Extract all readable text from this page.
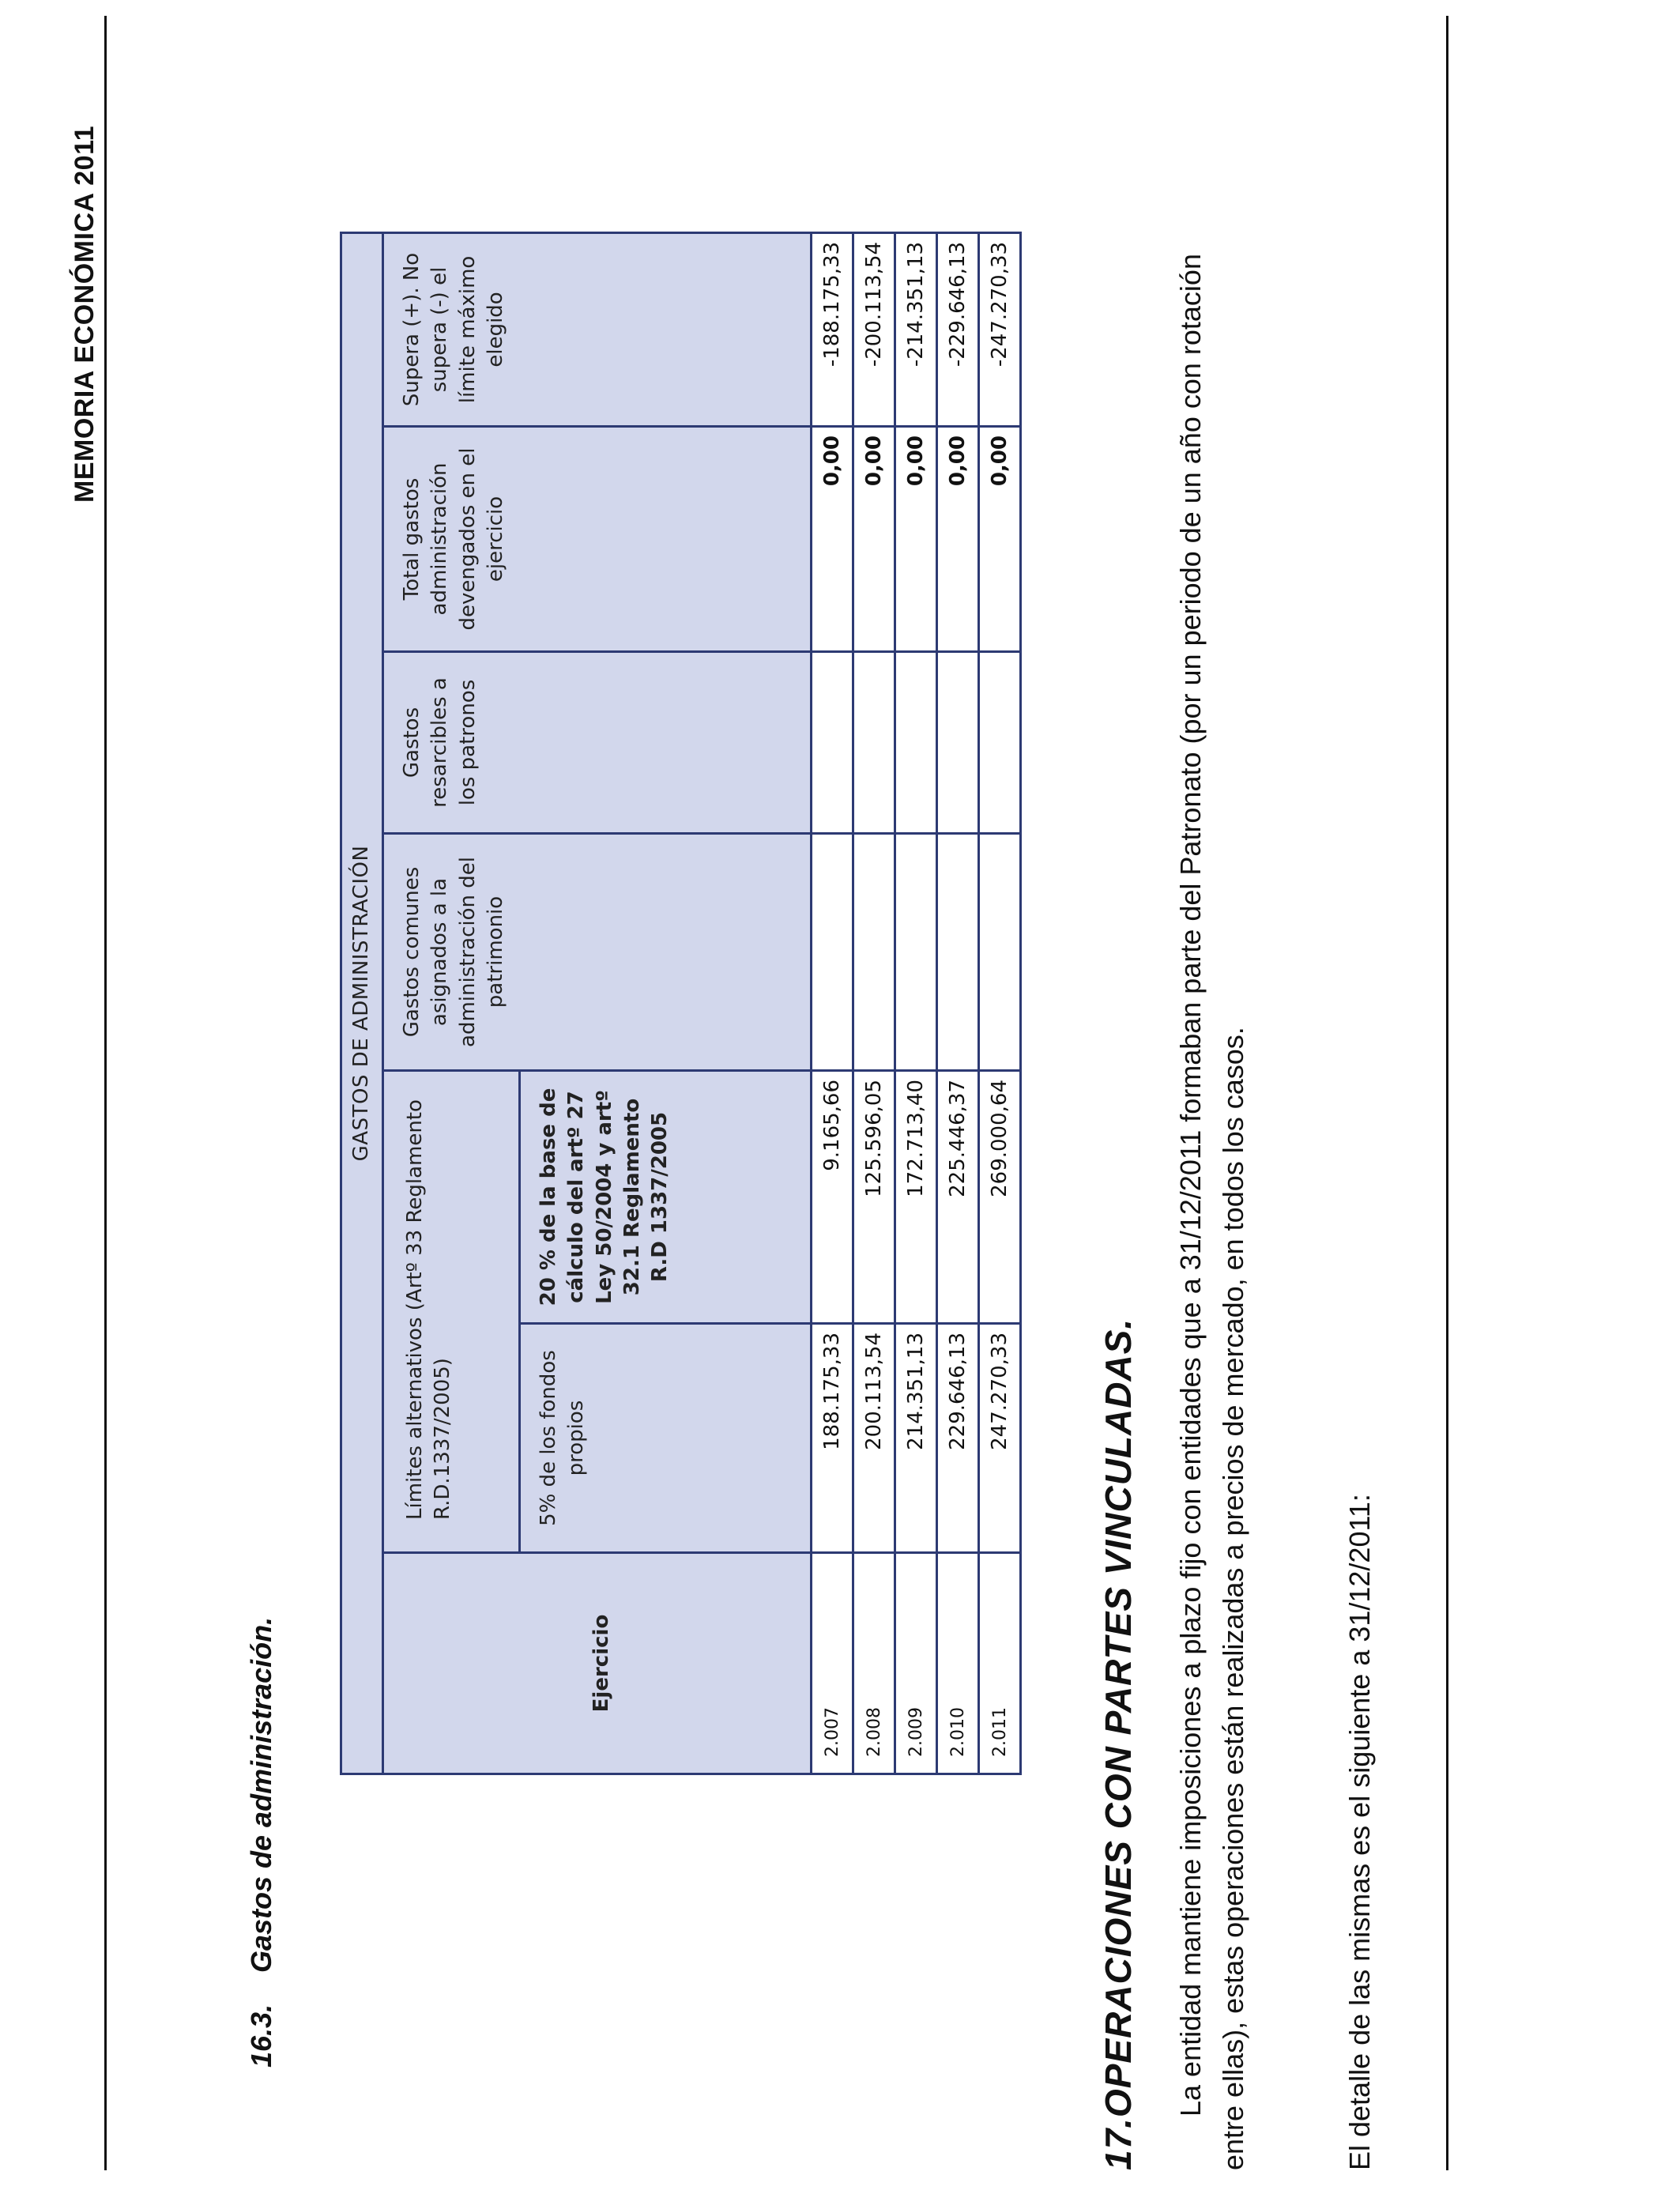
MEMORIA ECONÓMICA 2011
16.3.
Gastos de administración.
GASTOS DE ADMINISTRACIÓN						
Ejercicio	Límites alternativos (Artº 33 Reglamento R.D.1337/2005)		Gastos comunes asignados a la administración del patrimonio	Gastos resarcibles a los patronos	Total gastos administración devengados en el ejercicio	Supera (+). No supera (-) el límite máximo elegido
	5% de los fondos propios	20 % de la base de cálculo del artº 27 Ley 50/2004 y artº 32.1 Reglamento R.D 1337/2005				
2.007	188.175,33	9.165,66			0,00	-188.175,33
2.008	200.113,54	125.596,05			0,00	-200.113,54
2.009	214.351,13	172.713,40			0,00	-214.351,13
2.010	229.646,13	225.446,37			0,00	-229.646,13
2.011	247.270,33	269.000,64			0,00	-247.270,33
17.OPERACIONES CON PARTES VINCULADAS. La entidad mantiene imposiciones a plazo fijo con entidades que a 31/12/2011 formaban parte del Patronato (por un periodo de un año con rotación entre ellas), estas operaciones están realizadas a precios de mercado, en todos los casos.	El detalle de las mismas es el siguiente a 31/12/2011:
